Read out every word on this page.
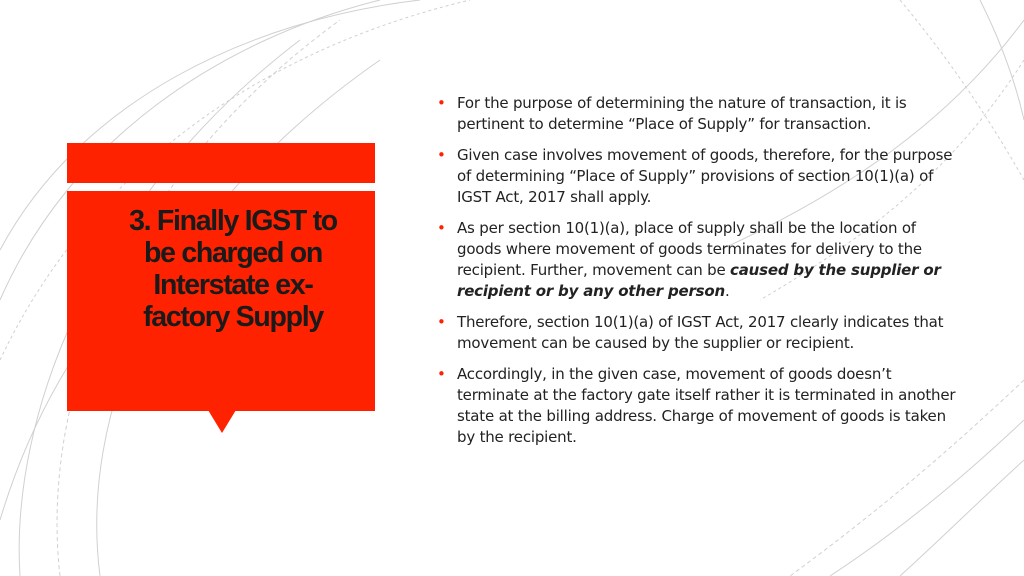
3. Finally IGST to
be charged on
Interstate ex-
factory Supply
• For the purpose of determining the nature of transaction, it is pertinent to determine “Place of Supply” for transaction.
• Given case involves movement of goods, therefore, for the purpose of determining “Place of Supply” provisions of section 10(1)(a) of IGST Act, 2017 shall apply.
• As per section 10(1)(a), place of supply shall be the location of goods where movement of goods terminates for delivery to the recipient. Further, movement can be caused by the supplier or recipient or by any other person.
• Therefore, section 10(1)(a) of IGST Act, 2017 clearly indicates that movement can be caused by the supplier or recipient.
• Accordingly, in the given case, movement of goods doesn’t terminate at the factory gate itself rather it is terminated in another state at the billing address. Charge of movement of goods is taken by the recipient.
